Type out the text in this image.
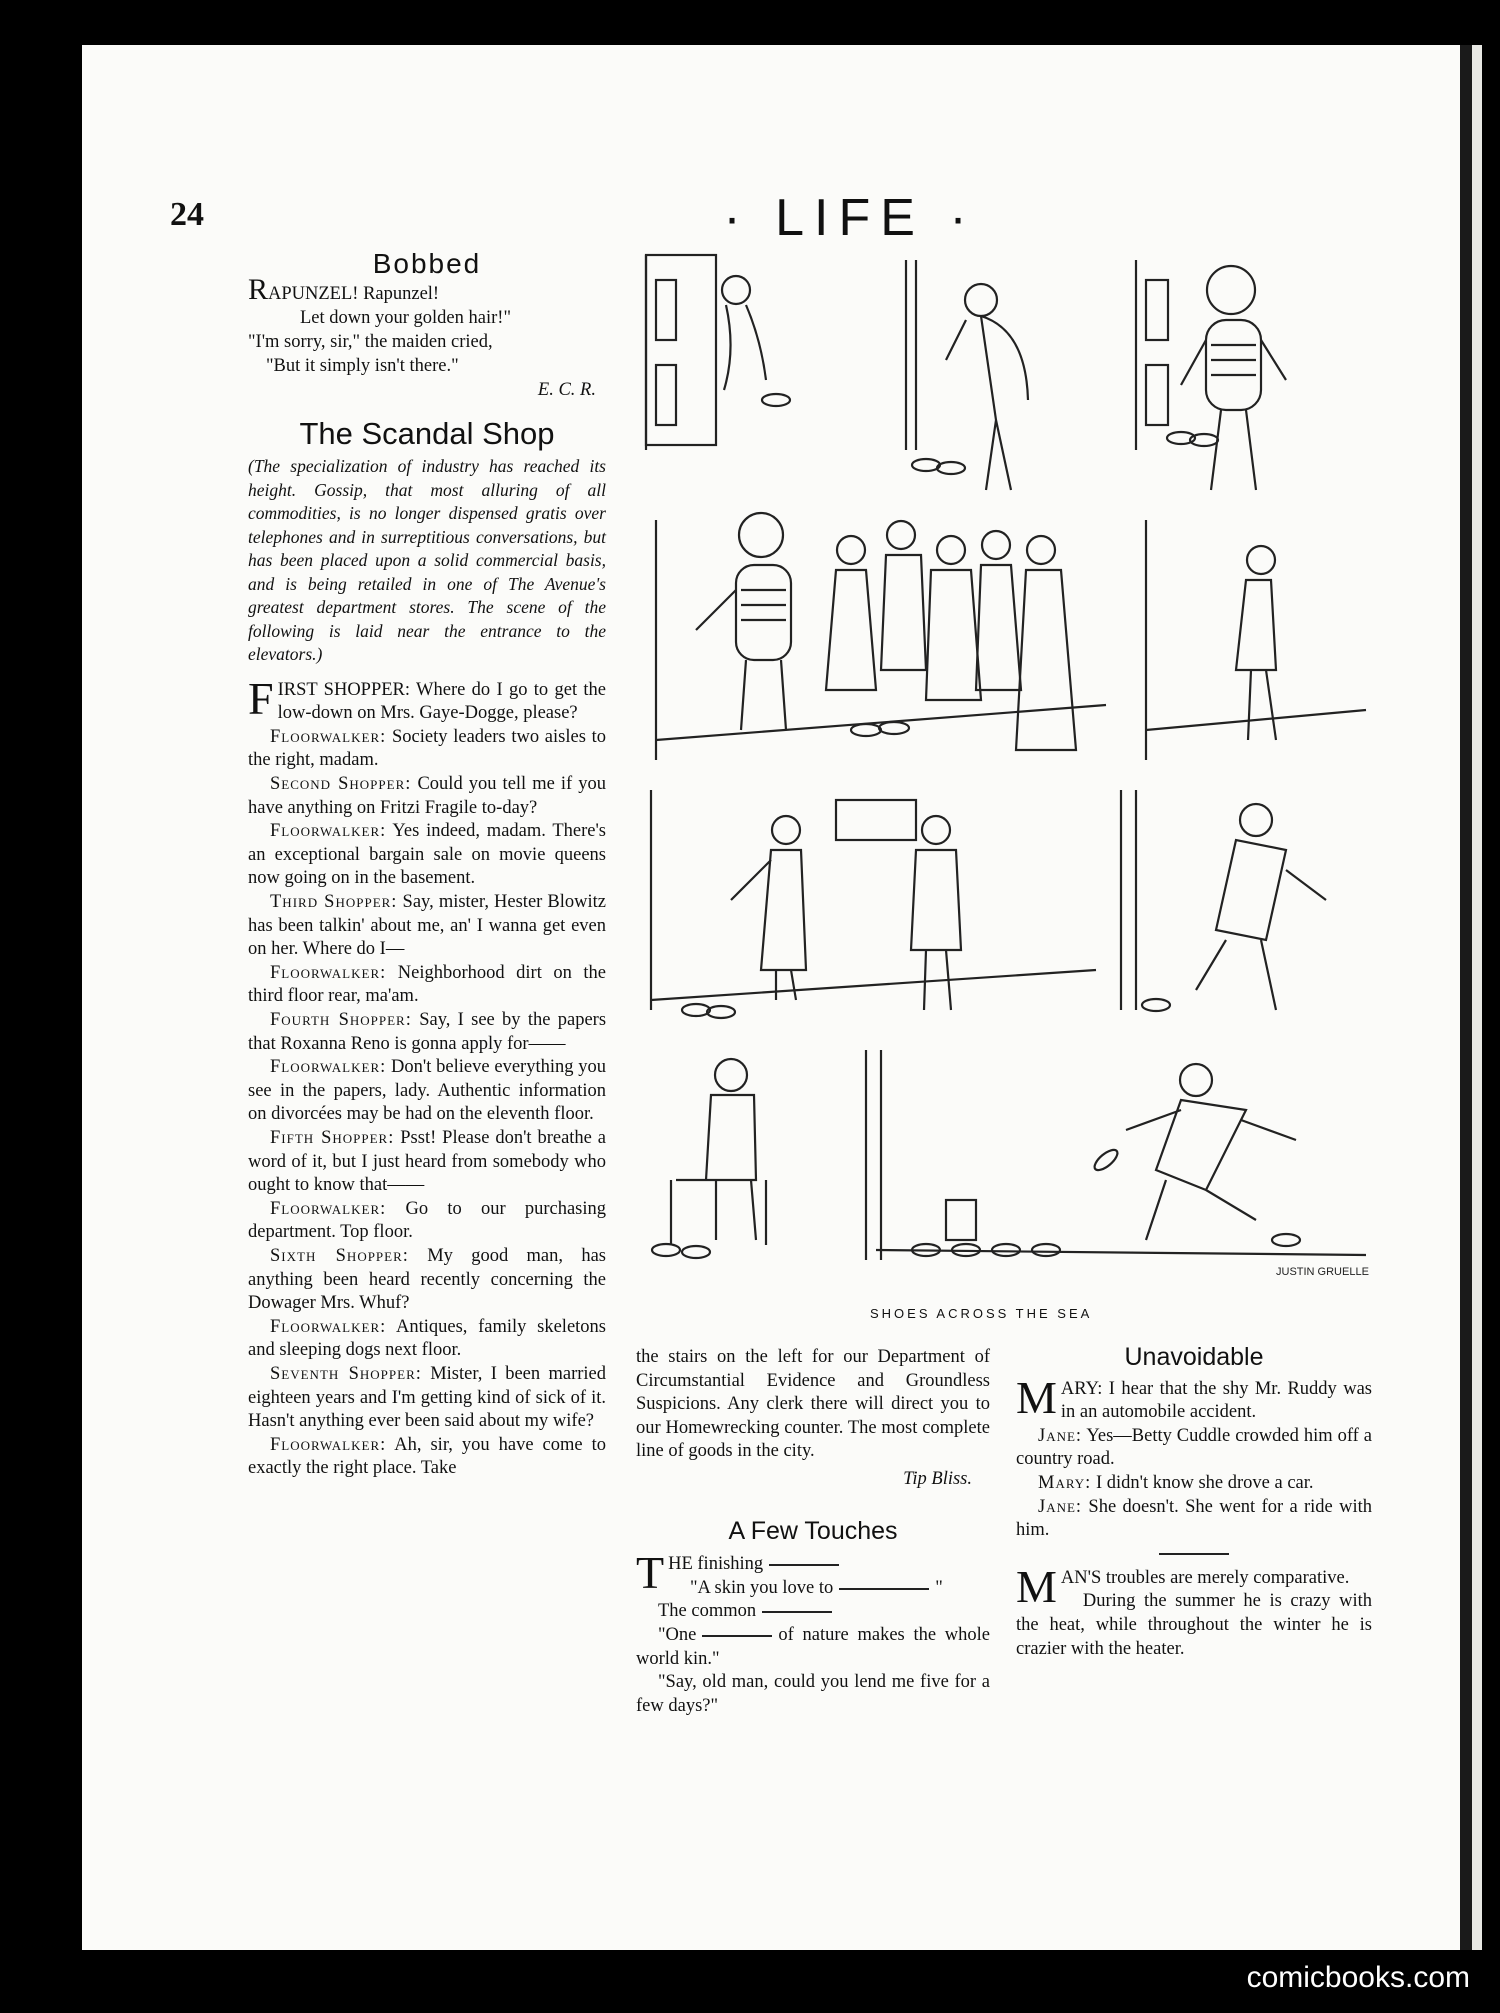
24	· LIFE ·
Bobbed
RAPUNZEL! Rapunzel!
Let down your golden hair!"
"I'm sorry, sir," the maiden cried,
"But it simply isn't there."
E. C. R.
The Scandal Shop

(The specialization of industry has reached its height. Gossip, that most alluring of all commodities, is no longer dispensed gratis over telephones and in surreptitious conversations, but has been placed upon a solid commercial basis, and is being retailed in one of The Avenue's greatest department stores. The scene of the following is laid near the entrance to the elevators.)

FIRST SHOPPER: Where do I go to get the low-down on Mrs. Gaye-Dogge, please?

Floorwalker: Society leaders two aisles to the right, madam.

Second Shopper: Could you tell me if you have anything on Fritzi Fragile to-day?

Floorwalker: Yes indeed, madam. There's an exceptional bargain sale on movie queens now going on in the basement.

Third Shopper: Say, mister, Hester Blowitz has been talkin' about me, an' I wanna get even on her. Where do I—

Floorwalker: Neighborhood dirt on the third floor rear, ma'am.

Fourth Shopper: Say, I see by the papers that Roxanna Reno is gonna apply for——

Floorwalker: Don't believe everything you see in the papers, lady. Authentic information on divorcées may be had on the eleventh floor.

Fifth Shopper: Psst! Please don't breathe a word of it, but I just heard from somebody who ought to know that——

Floorwalker: Go to our purchasing department. Top floor.

Sixth Shopper: My good man, has anything been heard recently concerning the Dowager Mrs. Whuf?

Floorwalker: Antiques, family skeletons and sleeping dogs next floor.

Seventh Shopper: Mister, I been married eighteen years and I'm getting kind of sick of it. Hasn't anything ever been said about my wife?

Floorwalker: Ah, sir, you have come to exactly the right place. Take

JUSTIN GRUELLE
SHOES ACROSS THE SEA

the stairs on the left for our Department of Circumstantial Evidence and Groundless Suspicions. Any clerk there will direct you to our Homewrecking counter. The most complete line of goods in the city.

Tip Bliss.
A Few Touches

THE finishing

"A skin you love to	"

The common

"One	of nature makes the whole world kin."

"Say, old man, could you lend me five for a few days?"

Unavoidable

MARY: I hear that the shy Mr. Ruddy was in an automobile accident.

Jane: Yes—Betty Cuddle crowded him off a country road.

Mary: I didn't know she drove a car.

Jane: She doesn't. She went for a ride with him.

MAN'S troubles are merely comparative.

During the summer he is crazy with the heat, while throughout the winter he is crazier with the heater.

comicbooks.com
